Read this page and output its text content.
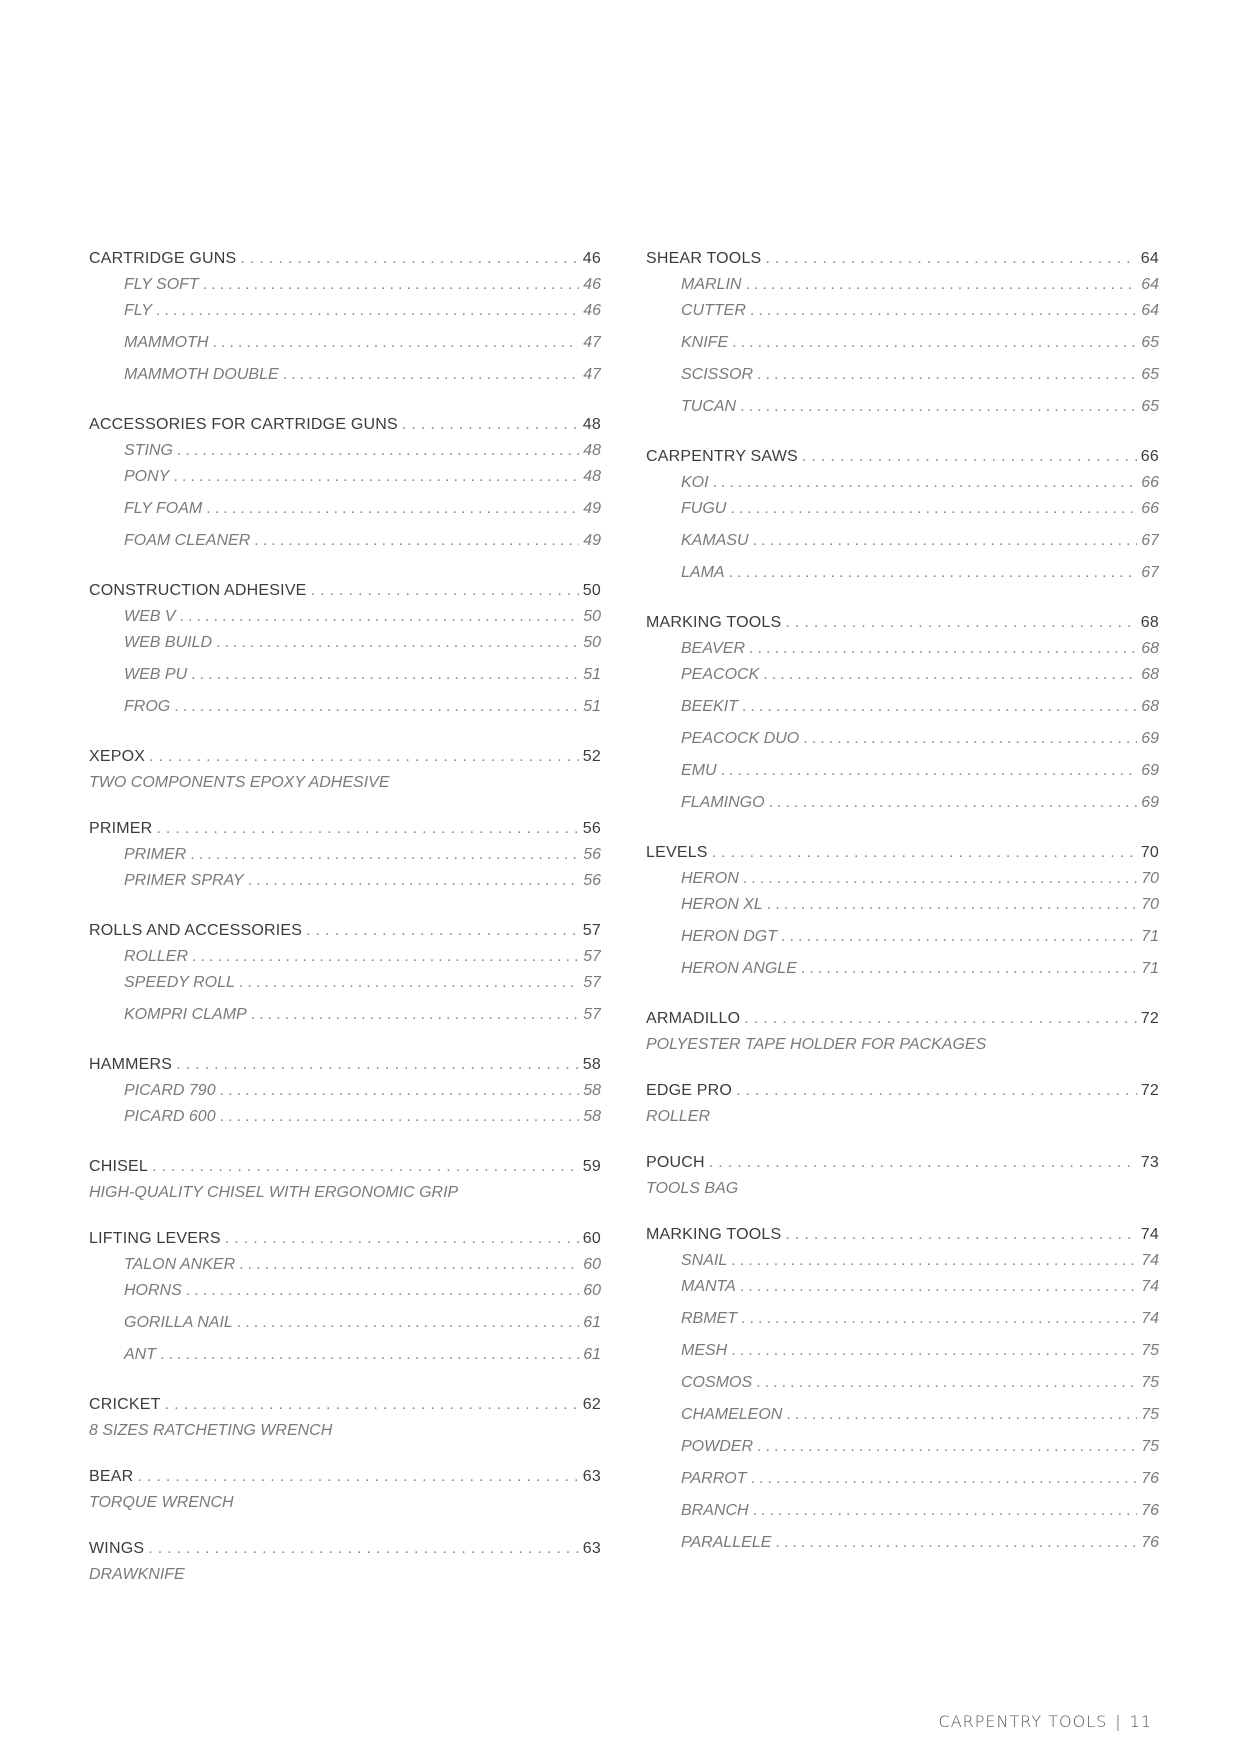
CARTRIDGE GUNS . . .	46
FLY SOFT . . .	46
FLY . . .	46
MAMMOTH . . .	47
MAMMOTH DOUBLE . . .	47
ACCESSORIES FOR CARTRIDGE GUNS . . .	48
STING . . .	48
PONY . . .	48
FLY FOAM . . .	49
FOAM CLEANER . . .	49
CONSTRUCTION ADHESIVE . . .	50
WEB V . . .	50
WEB BUILD . . .	50
WEB PU . . .	51
FROG . . .	51
XEPOX . . .	52
TWO COMPONENTS EPOXY ADHESIVE
PRIMER . . .	56
PRIMER . . .	56
PRIMER SPRAY . . .	56
ROLLS AND ACCESSORIES . . .	57
ROLLER . . .	57
SPEEDY ROLL . . .	57
KOMPRI CLAMP . . .	57
HAMMERS . . .	58
PICARD 790 . . .	58
PICARD 600 . . .	58
CHISEL . . .	59
HIGH-QUALITY CHISEL WITH ERGONOMIC GRIP
LIFTING LEVERS . . .	60
TALON ANKER . . .	60
HORNS . . .	60
GORILLA NAIL . . .	61
ANT . . .	61
CRICKET . . .	62
8 SIZES RATCHETING WRENCH
BEAR . . .	63
TORQUE WRENCH
WINGS . . .	63
DRAWKNIFE
SHEAR TOOLS . . .	64
MARLIN . . .	64
CUTTER . . .	64
KNIFE . . .	65
SCISSOR . . .	65
TUCAN . . .	65
CARPENTRY SAWS . . .	66
KOI . . .	66
FUGU . . .	66
KAMASU . . .	67
LAMA . . .	67
MARKING TOOLS . . .	68
BEAVER . . .	68
PEACOCK . . .	68
BEEKIT . . .	68
PEACOCK DUO . . .	69
EMU . . .	69
FLAMINGO . . .	69
LEVELS . . .	70
HERON . . .	70
HERON XL . . .	70
HERON DGT . . .	71
HERON ANGLE . . .	71
ARMADILLO . . .	72
POLYESTER TAPE HOLDER FOR PACKAGES
EDGE PRO . . .	72
ROLLER
POUCH . . .	73
TOOLS BAG
MARKING TOOLS . . .	74
SNAIL . . .	74
MANTA . . .	74
RBMET . . .	74
MESH . . .	75
COSMOS . . .	75
CHAMELEON . . .	75
POWDER . . .	75
PARROT . . .	76
BRANCH . . .	76
PARALLELE . . .	76
CARPENTRY TOOLS | 11
